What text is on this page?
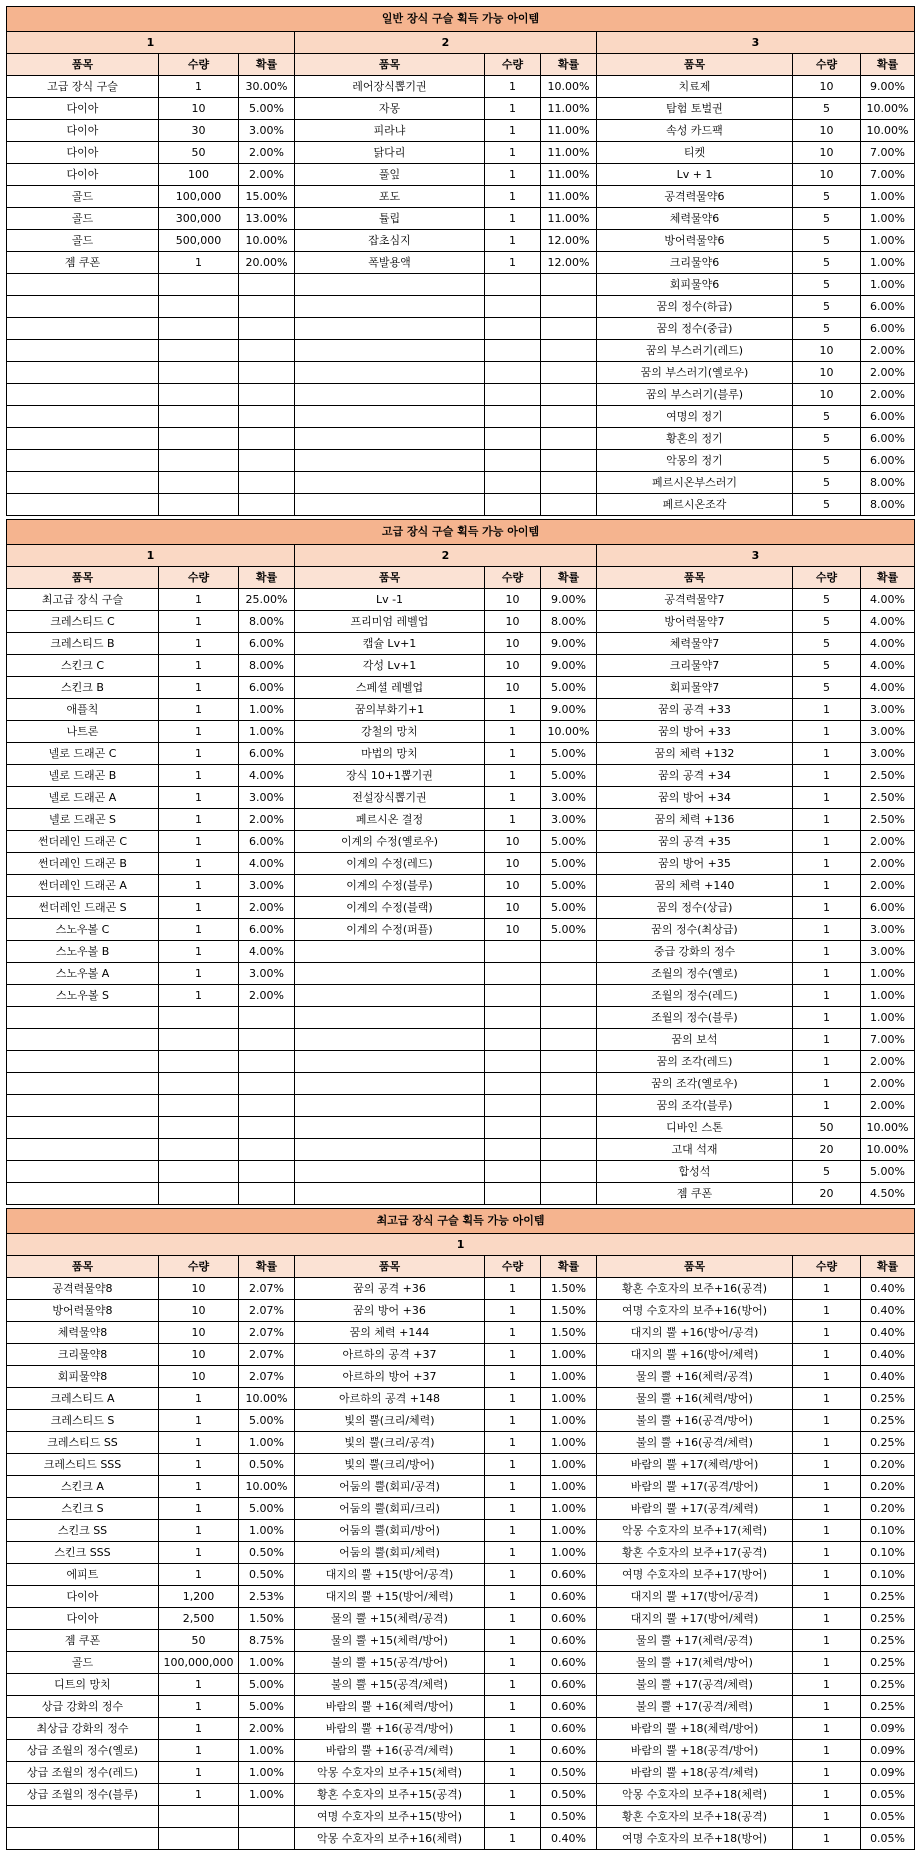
일반 장식 구슬 획득 가능 아이템								
1			2			3		
품목	수량	확률	품목	수량	확률	품목	수량	확률
고급 장식 구슬	1	30.00%	레어장식뽑기권	1	10.00%	치료제	10	9.00%
다이아	10	5.00%	자몽	1	11.00%	탐험 토벌권	5	10.00%
다이아	30	3.00%	피라냐	1	11.00%	속성 카드팩	10	10.00%
다이아	50	2.00%	닭다리	1	11.00%	티켓	10	7.00%
다이아	100	2.00%	풀잎	1	11.00%	Lv + 1	10	7.00%
골드	100,000	15.00%	포도	1	11.00%	공격력물약6	5	1.00%
골드	300,000	13.00%	튤립	1	11.00%	체력물약6	5	1.00%
골드	500,000	10.00%	잡초심지	1	12.00%	방어력물약6	5	1.00%
젬 쿠폰	1	20.00%	폭발용액	1	12.00%	크리물약6	5	1.00%
						회피물약6	5	1.00%
						꿈의 정수(하급)	5	6.00%
						꿈의 정수(중급)	5	6.00%
						꿈의 부스러기(레드)	10	2.00%
						꿈의 부스러기(옐로우)	10	2.00%
						꿈의 부스러기(블루)	10	2.00%
						여명의 정기	5	6.00%
						황혼의 정기	5	6.00%
						악몽의 정기	5	6.00%
						페르시온부스러기	5	8.00%
						페르시온조각	5	8.00%
고급 장식 구슬 획득 가능 아이템								
1			2			3		
품목	수량	확률	품목	수량	확률	품목	수량	확률
최고급 장식 구슬	1	25.00%	Lv -1	10	9.00%	공격력물약7	5	4.00%
크레스티드 C	1	8.00%	프리미엄 레벨업	10	8.00%	방어력물약7	5	4.00%
크레스티드 B	1	6.00%	캡슐 Lv+1	10	9.00%	체력물약7	5	4.00%
스킨크 C	1	8.00%	각성 Lv+1	10	9.00%	크리물약7	5	4.00%
스킨크 B	1	6.00%	스페셜 레벨업	10	5.00%	회피물약7	5	4.00%
애플칙	1	1.00%	꿈의부화기+1	1	9.00%	꿈의 공격 +33	1	3.00%
나트론	1	1.00%	강철의 망치	1	10.00%	꿈의 방어 +33	1	3.00%
넬로 드래곤 C	1	6.00%	마법의 망치	1	5.00%	꿈의 체력 +132	1	3.00%
넬로 드래곤 B	1	4.00%	장식 10+1뽑기권	1	5.00%	꿈의 공격 +34	1	2.50%
넬로 드래곤 A	1	3.00%	전설장식뽑기권	1	3.00%	꿈의 방어 +34	1	2.50%
넬로 드래곤 S	1	2.00%	페르시온 결정	1	3.00%	꿈의 체력 +136	1	2.50%
썬더레인 드래곤 C	1	6.00%	이계의 수정(옐로우)	10	5.00%	꿈의 공격 +35	1	2.00%
썬더레인 드래곤 B	1	4.00%	이계의 수정(레드)	10	5.00%	꿈의 방어 +35	1	2.00%
썬더레인 드래곤 A	1	3.00%	이계의 수정(블루)	10	5.00%	꿈의 체력 +140	1	2.00%
썬더레인 드래곤 S	1	2.00%	이계의 수정(블랙)	10	5.00%	꿈의 정수(상급)	1	6.00%
스노우볼 C	1	6.00%	이계의 수정(퍼플)	10	5.00%	꿈의 정수(최상급)	1	3.00%
스노우볼 B	1	4.00%				중급 강화의 정수	1	3.00%
스노우볼 A	1	3.00%				조월의 정수(옐로)	1	1.00%
스노우볼 S	1	2.00%				조월의 정수(레드)	1	1.00%
						조월의 정수(블루)	1	1.00%
						꿈의 보석	1	7.00%
						꿈의 조각(레드)	1	2.00%
						꿈의 조각(옐로우)	1	2.00%
						꿈의 조각(블루)	1	2.00%
						디바인 스톤	50	10.00%
						고대 석재	20	10.00%
						합성석	5	5.00%
						젬 쿠폰	20	4.50%
최고급 장식 구슬 획득 가능 아이템								
1								
품목	수량	확률	품목	수량	확률	품목	수량	확률
공격력물약8	10	2.07%	꿈의 공격 +36	1	1.50%	황혼 수호자의 보주+16(공격)	1	0.40%
방어력물약8	10	2.07%	꿈의 방어 +36	1	1.50%	여명 수호자의 보주+16(방어)	1	0.40%
체력물약8	10	2.07%	꿈의 체력 +144	1	1.50%	대지의 뿔 +16(방어/공격)	1	0.40%
크리물약8	10	2.07%	아르하의 공격 +37	1	1.00%	대지의 뿔 +16(방어/체력)	1	0.40%
회피물약8	10	2.07%	아르하의 방어 +37	1	1.00%	물의 뿔 +16(체력/공격)	1	0.40%
크레스티드 A	1	10.00%	아르하의 공격 +148	1	1.00%	물의 뿔 +16(체력/방어)	1	0.25%
크레스티드 S	1	5.00%	빛의 뿔(크리/체력)	1	1.00%	불의 뿔 +16(공격/방어)	1	0.25%
크레스티드 SS	1	1.00%	빛의 뿔(크리/공격)	1	1.00%	불의 뿔 +16(공격/체력)	1	0.25%
크레스티드 SSS	1	0.50%	빛의 뿔(크리/방어)	1	1.00%	바람의 뿔 +17(체력/방어)	1	0.20%
스킨크 A	1	10.00%	어둠의 뿔(회피/공격)	1	1.00%	바람의 뿔 +17(공격/방어)	1	0.20%
스킨크 S	1	5.00%	어둠의 뿔(회피/크리)	1	1.00%	바람의 뿔 +17(공격/체력)	1	0.20%
스킨크 SS	1	1.00%	어둠의 뿔(회피/방어)	1	1.00%	악몽 수호자의 보주+17(체력)	1	0.10%
스킨크 SSS	1	0.50%	어둠의 뿔(회피/체력)	1	1.00%	황혼 수호자의 보주+17(공격)	1	0.10%
에피트	1	0.50%	대지의 뿔 +15(방어/공격)	1	0.60%	여명 수호자의 보주+17(방어)	1	0.10%
다이아	1,200	2.53%	대지의 뿔 +15(방어/체력)	1	0.60%	대지의 뿔 +17(방어/공격)	1	0.25%
다이아	2,500	1.50%	물의 뿔 +15(체력/공격)	1	0.60%	대지의 뿔 +17(방어/체력)	1	0.25%
젬 쿠폰	50	8.75%	물의 뿔 +15(체력/방어)	1	0.60%	물의 뿔 +17(체력/공격)	1	0.25%
골드	100,000,000	1.00%	불의 뿔 +15(공격/방어)	1	0.60%	물의 뿔 +17(체력/방어)	1	0.25%
디트의 망치	1	5.00%	불의 뿔 +15(공격/체력)	1	0.60%	불의 뿔 +17(공격/체력)	1	0.25%
상급 강화의 정수	1	5.00%	바람의 뿔 +16(체력/방어)	1	0.60%	불의 뿔 +17(공격/체력)	1	0.25%
최상급 강화의 정수	1	2.00%	바람의 뿔 +16(공격/방어)	1	0.60%	바람의 뿔 +18(체력/방어)	1	0.09%
상급 조월의 정수(옐로)	1	1.00%	바람의 뿔 +16(공격/체력)	1	0.60%	바람의 뿔 +18(공격/방어)	1	0.09%
상급 조월의 정수(레드)	1	1.00%	악몽 수호자의 보주+15(체력)	1	0.50%	바람의 뿔 +18(공격/체력)	1	0.09%
상급 조월의 정수(블루)	1	1.00%	황혼 수호자의 보주+15(공격)	1	0.50%	악몽 수호자의 보주+18(체력)	1	0.05%
			여명 수호자의 보주+15(방어)	1	0.50%	황혼 수호자의 보주+18(공격)	1	0.05%
			악몽 수호자의 보주+16(체력)	1	0.40%	여명 수호자의 보주+18(방어)	1	0.05%
